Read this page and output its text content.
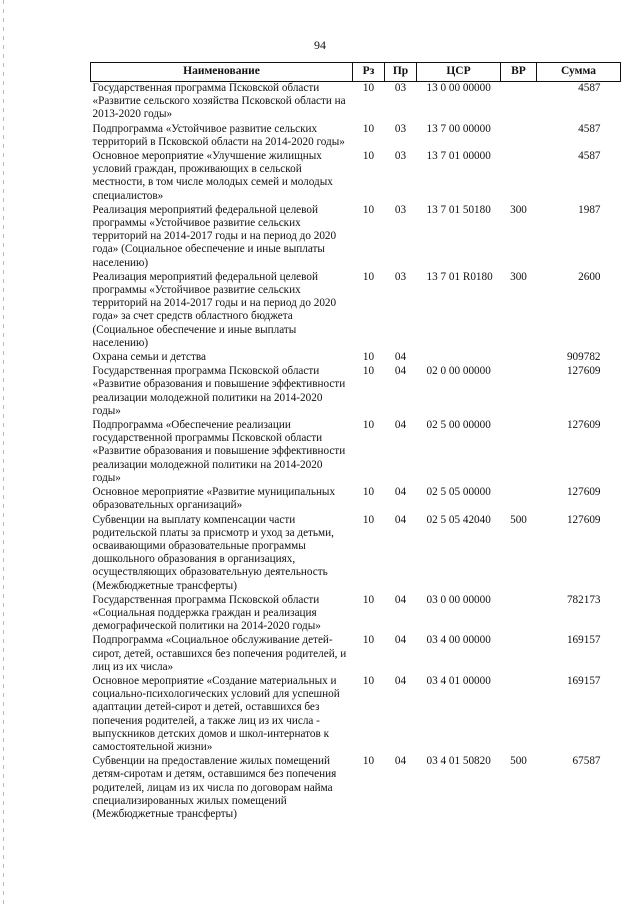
94
Наименование	Рз	Пр	ЦСР	ВР	Сумма
Государственная программа Псковской области «Развитие сельского хозяйства Псковской области на 2013-2020 годы»	10	03	13 0 00 00000		4587
Подпрограмма «Устойчивое развитие сельских территорий в Псковской области на 2014-2020 годы»	10	03	13 7 00 00000		4587
Основное мероприятие «Улучшение жилищных условий граждан, проживающих в сельской местности, в том числе молодых семей и молодых специалистов»	10	03	13 7 01 00000		4587
Реализация мероприятий федеральной целевой программы «Устойчивое развитие сельских территорий на 2014-2017 годы и на период до 2020 года» (Социальное обеспечение и иные выплаты населению)	10	03	13 7 01 50180	300	1987
Реализация мероприятий федеральной целевой программы «Устойчивое развитие сельских территорий на 2014-2017 годы и на период до 2020 года» за счет средств областного бюджета (Социальное обеспечение и иные выплаты населению)	10	03	13 7 01 R0180	300	2600
Охрана семьи и детства	10	04			909782
Государственная программа Псковской области «Развитие образования и повышение эффективности реализации молодежной политики на 2014-2020 годы»	10	04	02 0 00 00000		127609
Подпрограмма «Обеспечение реализации государственной программы Псковской области «Развитие образования и повышение эффективности реализации молодежной политики на 2014-2020 годы»	10	04	02 5 00 00000		127609
Основное мероприятие «Развитие муниципальных образовательных организаций»	10	04	02 5 05 00000		127609
Субвенции на выплату компенсации части родительской платы за присмотр и уход за детьми, осваивающими образовательные программы дошкольного образования в организациях, осуществляющих образовательную деятельность (Межбюджетные трансферты)	10	04	02 5 05 42040	500	127609
Государственная программа Псковской области «Социальная поддержка граждан и реализация демографической политики на 2014-2020 годы»	10	04	03 0 00 00000		782173
Подпрограмма «Социальное обслуживание детей-сирот, детей, оставшихся без попечения родителей, и лиц из их числа»	10	04	03 4 00 00000		169157
Основное мероприятие «Создание материальных и социально-психологических условий для успешной адаптации детей-сирот и детей, оставшихся без попечения родителей, а также лиц из их числа - выпускников детских домов и школ-интернатов к самостоятельной жизни»	10	04	03 4 01 00000		169157
Субвенции на предоставление жилых помещений детям-сиротам и детям, оставшимся без попечения родителей, лицам из их числа по договорам найма специализированных жилых помещений (Межбюджетные трансферты)	10	04	03 4 01 50820	500	67587
